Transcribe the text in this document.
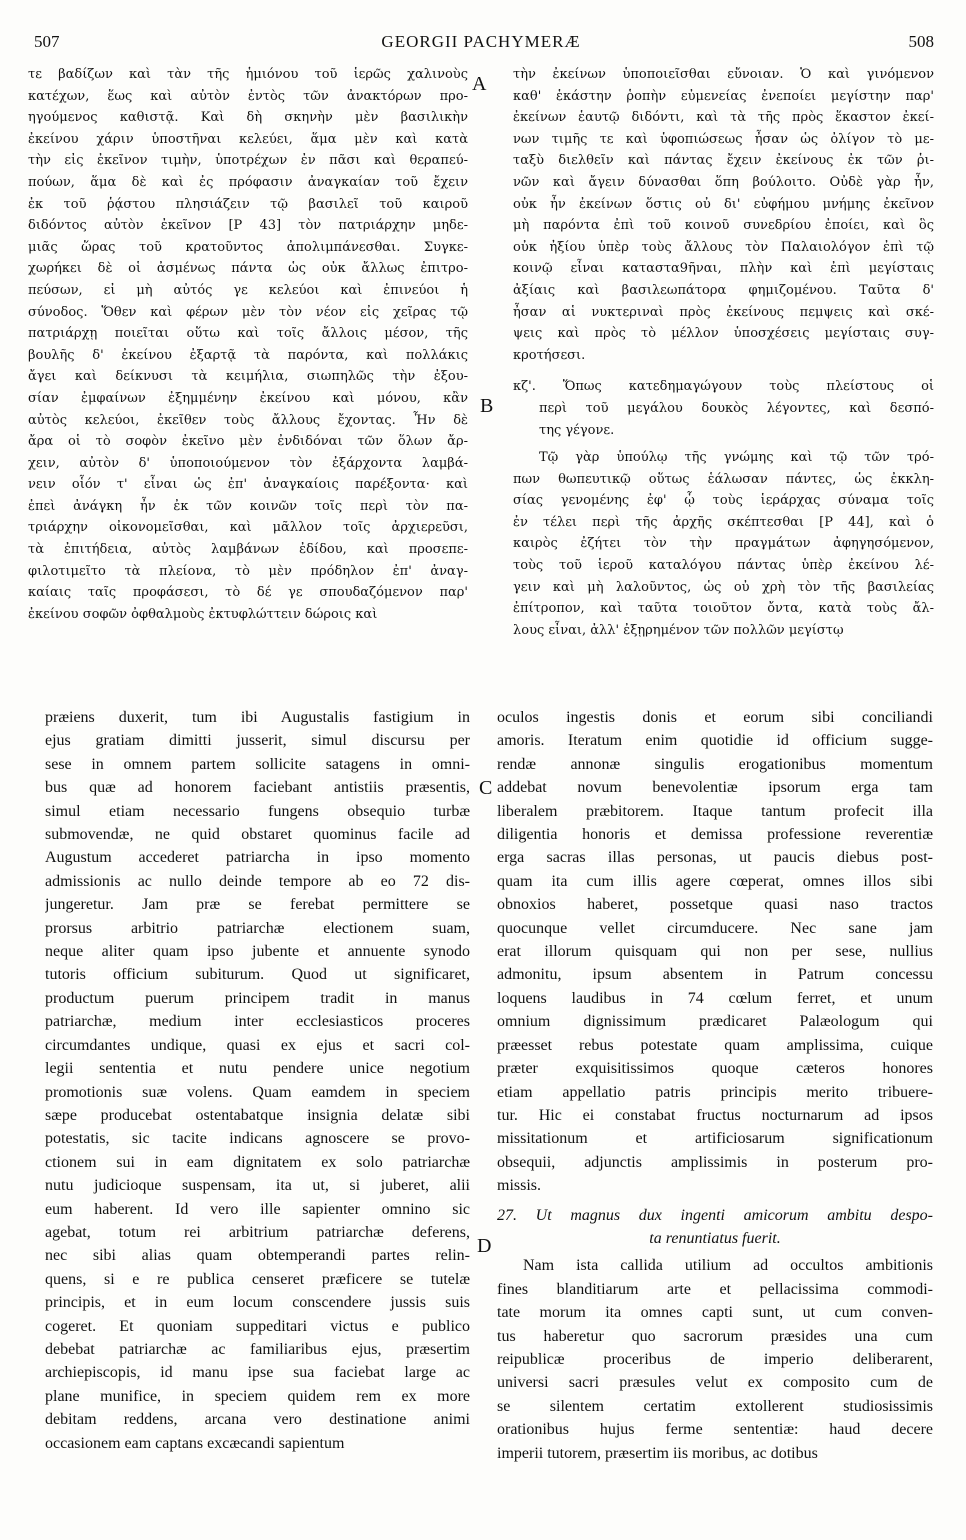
507	GEORGII PACHYMERÆ	508
τε βαδίζων καὶ τὰν τῆς ἡμιόνου τοῦ ἱερῶς χαλινοὺς
κατέχων, ἕως καὶ αὐτὸν ἐντὸς τῶν ἀνακτόρων προ-
ηγούμενος καθιστᾷ. Καὶ δὴ σκηνὴν μὲν βασιλικὴν
ἐκείνου χάριν ὑποστῆναι κελεύει, ἅμα μὲν καὶ κατὰ
τὴν εἰς ἐκεῖνον τιμὴν, ὑποτρέχων ἐν πᾶσι καὶ θεραπεύ-
πούων, ἅμα δὲ καὶ ἐς πρόφασιν ἀναγκαίαν τοῦ ἔχειν
ἐκ τοῦ ῥᾴστου πλησιάζειν τῷ βασιλεῖ τοῦ καιροῦ
διδόντος αὐτὸν ἐκεῖνον [P 43] τὸν πατριάρχην μηδε-
μιᾶς ὥρας τοῦ κρατοῦντος ἀπολιμπάνεσθαι. Συγκε-
χωρήκει δὲ οἱ ἀσμένως πάντα ὡς οὐκ ἄλλως ἐπιτρο-
πεύσων, εἰ μὴ αὐτός γε κελεύοι καὶ ἐπινεύοι ἡ
σύνοδος. Ὅθεν καὶ φέρων μὲν τὸν νέον εἰς χεῖρας τῷ
πατριάρχῃ ποιεῖται οὕτω καὶ τοῖς ἄλλοις μέσον, τῆς
βουλῆς δ' ἐκείνου ἐξαρτᾷ τὰ παρόντα, καὶ πολλάκις
ἄγει καὶ δείκνυσι τὰ κειμήλια, σιωπηλῶς τὴν ἐξου-
σίαν ἐμφαίνων ἐξημμένην ἐκείνου καὶ μόνου, κἂν
αὐτὸς κελεύοι, ἐκεῖθεν τοὺς ἄλλους ἔχοντας. Ἦν δὲ
ἄρα οἱ τὸ σοφὸν ἐκεῖνο μὲν ἐνδιδόναι τῶν ὅλων ἄρ-
χειν, αὐτὸν δ' ὑποποιούμενον τὸν ἐξάρχοντα λαμβά-
νειν οἷόν τ' εἶναι ὡς ἐπ' ἀναγκαίοις παρέξοντα· καὶ
ἐπεὶ ἀνάγκη ἦν ἐκ τῶν κοινῶν τοῖς περὶ τὸν πα-
τριάρχην οἰκονομεῖσθαι, καὶ μᾶλλον τοῖς ἀρχιερεῦσι,
τὰ ἐπιτήδεια, αὐτὸς λαμβάνων ἐδίδου, καὶ προσεπε-
φιλοτιμεῖτο τὰ πλείονα, τὸ μὲν πρόδηλον ἐπ' ἀναγ-
καίαις ταῖς προφάσεσι, τὸ δέ γε σπουδαζόμενον παρ'
ἐκείνου σοφῶν ὀφθαλμοὺς ἐκτυφλώττειν δώροις καὶ
τὴν ἐκείνων ὑποποιεῖσθαι εὔνοιαν. Ὁ καὶ γινόμενον
καθ' ἑκάστην ῥοπὴν εὐμενείας ἐνεποίει μεγίστην παρ'
ἐκείνων ἑαυτῷ διδόντι, καὶ τὰ τῆς πρὸς ἕκαστον ἐκεί-
νων τιμῆς τε καὶ ὑφοπιώσεως ἦσαν ὡς ὀλίγον τὸ με-
ταξὺ διελθεῖν καὶ πάντας ἔχειν ἐκείνους ἐκ τῶν ῥι-
νῶν καὶ ἄγειν δύνασθαι ὅπη βούλοιτο. Οὐδὲ γὰρ ἦν,
οὐκ ἦν ἐκείνων ὅστις οὐ δι' εὐφήμου μνήμης ἐκεῖνον
μὴ παρόντα ἐπὶ τοῦ κοινοῦ συνεδρίου ἐποίει, καὶ ὃς
οὐκ ἠξίου ὑπὲρ τοὺς ἄλλους τὸν Παλαιολόγον ἐπὶ τῷ
κοινῷ εἶναι καταστα9ῆναι, πλὴν καὶ ἐπὶ μεγίσταις
ἀξίαις καὶ βασιλεωπάτορα φημιζομένου. Ταῦτα δ'
ἦσαν αἱ νυκτεριναὶ πρὸς ἐκείνους πεμψεις καὶ σκέ-
ψεις καὶ πρὸς τὸ μέλλον ὑποσχέσεις μεγίσταις συγ-
κροτήσεσι.
κζ'. Ὅπως κατεδημαγώγουν τοὺς πλείστους οἱ
περὶ τοῦ μεγάλου δουκὸς λέγοντες, καὶ δεσπό-
της γέγονε.
Τῷ γὰρ ὑπούλῳ τῆς γνώμης καὶ τῷ τῶν τρό-
πων θωπευτικῷ οὕτως ἑάλωσαν πάντες, ὡς ἐκκλη-
σίας γενομένης ἐφ' ᾧ τοὺς ἱεράρχας σύναμα τοῖς
ἐν τέλει περὶ τῆς ἀρχῆς σκέπτεσθαι [P 44], καὶ ὁ
καιρὸς ἐζήτει τὸν τὴν πραγμάτων ἀφηγησόμενον,
τοὺς τοῦ ἱεροῦ καταλόγου πάντας ὑπὲρ ἐκείνου λέ-
γειν καὶ μὴ λαλοῦντος, ὡς οὐ χρὴ τὸν τῆς βασιλείας
ἐπίτροπον, καὶ ταῦτα τοιοῦτον ὄντα, κατὰ τοὺς ἄλ-
λους εἶναι, ἀλλ' ἐξῃρημένον τῶν πολλῶν μεγίστῳ
præiens duxerit, tum ibi Augustalis fastigium in
ejus gratiam dimitti jusserit, simul discursu per
sese in omnem partem sollicite satagens in omni-
bus quæ ad honorem faciebant antistiis præsentis,
simul etiam necessario fungens obsequio turbæ
submovendæ, ne quid obstaret quominus facile ad
Augustum accederet patriarcha in ipso momento
admissionis ac nullo deinde tempore ab eo 72 dis-
jungeretur. Jam præ se ferebat permittere se
prorsus arbitrio patriarchæ electionem suam,
neque aliter quam ipso jubente et annuente synodo
tutoris officium subiturum. Quod ut significaret,
productum puerum principem tradit in manus
patriarchæ, medium inter ecclesiasticos proceres
circumdantes undique, quasi ex ejus et sacri col-
legii sententia et nutu pendere unice negotium
promotionis suæ volens. Quam eamdem in speciem
sæpe producebat ostentabatque insignia delatæ sibi
potestatis, sic tacite indicans agnoscere se provo-
ctionem sui in eam dignitatem ex solo patriarchæ
nutu judicioque suspensam, ita ut, si juberet, alii
eum haberent. Id vero ille sapienter omnino sic
agebat, totum rei arbitrium patriarchæ deferens,
nec sibi alias quam obtemperandi partes relin-
quens, si e re publica censeret præficere se tutelæ
principis, et in eum locum conscendere jussis suis
cogeret. Et quoniam suppeditari victus e publico
debebat patriarchæ ac familiaribus ejus, præsertim
archiepiscopis, id manu ipse sua faciebat large ac
plane munifice, in speciem quidem rem ex more
debitam reddens, arcana vero destinatione animi
occasionem eam captans excæcandi sapientum
oculos ingestis donis et eorum sibi conciliandi
amoris. Iteratum enim quotidie id officium sugge-
rendæ annonæ singulis erogationibus momentum
addebat novum benevolentiæ ipsorum erga tam
liberalem præbitorem. Itaque tantum profecit illa
diligentia honoris et demissa professione reverentiæ
erga sacras illas personas, ut paucis diebus post-
quam ita cum illis agere cœperat, omnes illos sibi
obnoxios haberet, possetque quasi naso tractos
quocunque vellet circumducere. Nec sane jam
erat illorum quisquam qui non per sese, nullius
admonitu, ipsum absentem in Patrum concessu
loquens laudibus in 74 cœlum ferret, et unum
omnium dignissimum prædicaret Palæologum qui
præesset rebus potestate quam amplissima, cuique
præter exquisitissimos quoque cæteros honores
etiam appellatio patris principis merito tribuere-
tur. Hic ei constabat fructus nocturnarum ad ipsos
missitationum et artificiosarum significationum
obsequii, adjunctis amplissimis in posterum pro-
missis.
27. Ut magnus dux ingenti amicorum ambitu despo-
ta renuntiatus fuerit.
Nam ista callida utilium ad occultos ambitionis
fines blanditiarum arte et pellacissima commodi-
tate morum ita omnes capti sunt, ut cum conven-
tus haberetur quo sacrorum præsides una cum
reipublicæ proceribus de imperio deliberarent,
universi sacri præsules velut ex composito cum de
se silentem certatim extollerent studiosissimis
orationibus hujus ferme sententiæ: haud decere
imperii tutorem, præsertim iis moribus, ac dotibus
A
B
C
D
